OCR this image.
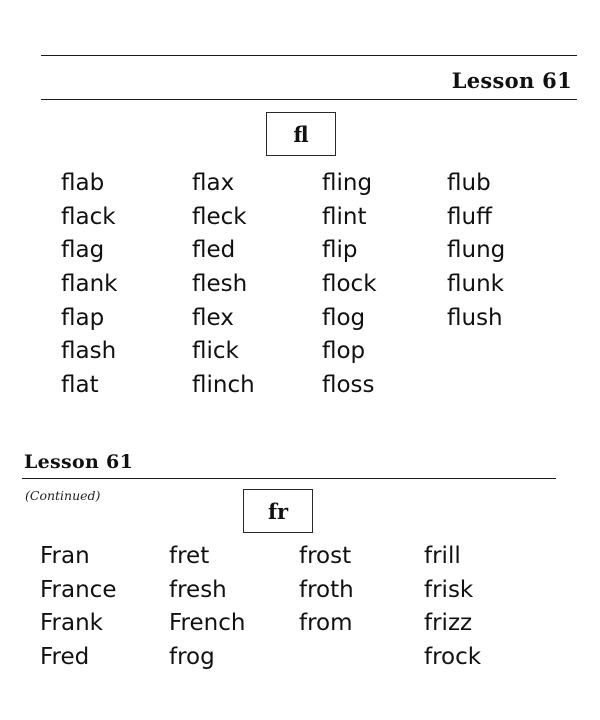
Lesson 61
fl
flab
flack
flag
flank
flap
flash
flat
flax
fleck
fled
flesh
flex
flick
flinch
fling
flint
flip
flock
flog
flop
floss
flub
fluff
flung
flunk
flush
Lesson 61
(Continued)
fr
Fran
France
Frank
Fred
fret
fresh
French
frog
frost
froth
from
frill
frisk
frizz
frock
